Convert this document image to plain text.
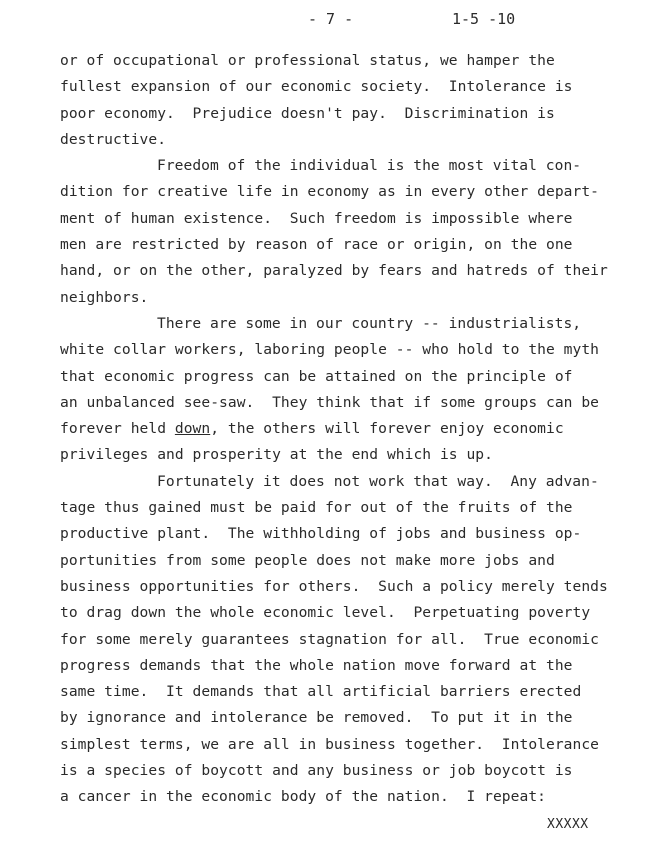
- 7 -	1-5 -10
or of occupational or professional status, we hamper the
fullest expansion of our economic society.  Intolerance is
poor economy.  Prejudice doesn't pay.  Discrimination is
destructive.
Freedom of the individual is the most vital con-
dition for creative life in economy as in every other depart-
ment of human existence.  Such freedom is impossible where
men are restricted by reason of race or origin, on the one
hand, or on the other, paralyzed by fears and hatreds of their
neighbors.
There are some in our country -- industrialists,
white collar workers, laboring people -- who hold to the myth
that economic progress can be attained on the principle of
an unbalanced see-saw.  They think that if some groups can be
forever held down, the others will forever enjoy economic
privileges and prosperity at the end which is up.
Fortunately it does not work that way.  Any advan-
tage thus gained must be paid for out of the fruits of the
productive plant.  The withholding of jobs and business op-
portunities from some people does not make more jobs and
business opportunities for others.  Such a policy merely tends
to drag down the whole economic level.  Perpetuating poverty
for some merely guarantees stagnation for all.  True economic
progress demands that the whole nation move forward at the
same time.  It demands that all artificial barriers erected
by ignorance and intolerance be removed.  To put it in the
simplest terms, we are all in business together.  Intolerance
is a species of boycott and any business or job boycott is
a cancer in the economic body of the nation.  I repeat:
XXXXX
